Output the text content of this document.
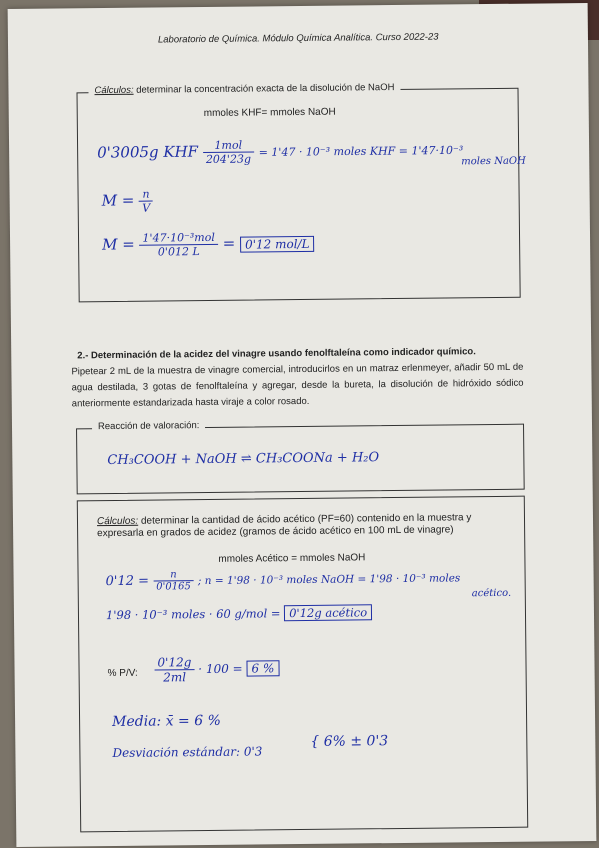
Laboratorio de Química. Módulo Química Analítica. Curso 2022-23
Cálculos: determinar la concentración exacta de la disolución de NaOH
mmoles KHF= mmoles NaOH
0'3005g KHF $\frac{\text{1mol}}{204'23g} = 1'47 \cdot 10^{-3}$ moles KHF = 1'47·10⁻³
moles NaOH
$M = \frac{n}{V}$
$M = \frac{\text{1'47·10⁻³mol}}{0'012 L} = 0'12$ mol/L
2.- Determinación de la acidez del vinagre usando fenolftaleína como indicador químico.
Pipetear 2 mL de la muestra de vinagre comercial, introducirlos en un matraz erlenmeyer, añadir 50 mL de agua destilada, 3 gotas de fenolftaleína y agregar, desde la bureta, la disolución de hidróxido sódico anteriormente estandarizada hasta viraje a color rosado.
Reacción de valoración:
CH₃COOH + NaOH ⇌ CH₃COONa + H₂O
Cálculos: determinar la cantidad de ácido acético (PF=60) contenido en la muestra y expresarla en grados de acidez (gramos de ácido acético en 100 mL de vinagre)
mmoles Acético = mmoles NaOH
$0'12 = \frac{n}{0'0165}$ ; n = 1'98 · 10⁻³ moles NaOH = 1'98 · 10⁻³ moles
acético.
1'98 · 10⁻³ moles · 60 g/mol = 0'12g acético
% P/V: $\frac{0'12g}{2ml} \cdot 100 = 6$ %
Media: x̄ = 6 %
Desviación estándar: 0'3
{ 6% ± 0'3
